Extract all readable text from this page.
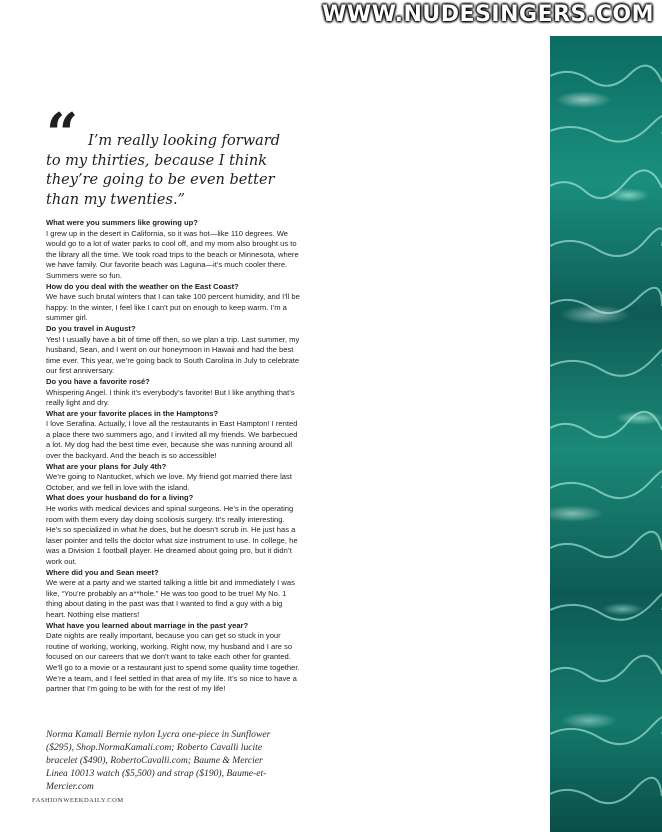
WWW.NUDESINGERS.COM
“ I’m really looking forward to my thirties, because I think they’re going to be even better than my twenties.”

What were you summers like growing up?

I grew up in the desert in California, so it was hot—like 110 degrees. We would go to a lot of water parks to cool off, and my mom also brought us to the library all the time. We took road trips to the beach or Minnesota, where we have family. Our favorite beach was Laguna—it’s much cooler there. Summers were so fun.

How do you deal with the weather on the East Coast?

We have such brutal winters that I can take 100 percent humidity, and I’ll be happy. In the winter, I feel like I can’t put on enough to keep warm. I’m a summer girl.

Do you travel in August?

Yes! I usually have a bit of time off then, so we plan a trip. Last summer, my husband, Sean, and I went on our honeymoon in Hawaii and had the best time ever. This year, we’re going back to South Carolina in July to celebrate our first anniversary.

Do you have a favorite rosé?

Whispering Angel. I think it’s everybody’s favorite! But I like anything that’s really light and dry.

What are your favorite places in the Hamptons?

I love Serafina. Actually, I love all the restaurants in East Hampton! I rented a place there two summers ago, and I invited all my friends. We barbecued a lot. My dog had the best time ever, because she was running around all over the backyard. And the beach is so accessible!

What are your plans for July 4th?

We’re going to Nantucket, which we love. My friend got married there last October, and we fell in love with the island.

What does your husband do for a living?

He works with medical devices and spinal surgeons. He’s in the operating room with them every day doing scoliosis surgery. It’s really interesting. He’s so specialized in what he does, but he doesn’t scrub in. He just has a laser pointer and tells the doctor what size instrument to use. In college, he was a Division 1 football player. He dreamed about going pro, but it didn’t work out.

Where did you and Sean meet?

We were at a party and we started talking a little bit and immediately I was like, “You’re probably an a**hole.” He was too good to be true! My No. 1 thing about dating in the past was that I wanted to find a guy with a big heart. Nothing else matters!

What have you learned about marriage in the past year?

Date nights are really important, because you can get so stuck in your routine of working, working, working. Right now, my husband and I are so focused on our careers that we don’t want to take each other for granted. We’ll go to a movie or a restaurant just to spend some quality time together. We’re a team, and I feel settled in that area of my life. It’s so nice to have a partner that I’m going to be with for the rest of my life!

Norma Kamali Bernie nylon Lycra one-piece in Sunflower ($295), Shop.NormaKamali.com; Roberto Cavalli lucite bracelet ($490), RobertoCavalli.com; Baume & Mercier Linea 10013 watch ($5,500) and strap ($190), Baume-et-Mercier.com

FASHIONWEEKDAILY.COM
